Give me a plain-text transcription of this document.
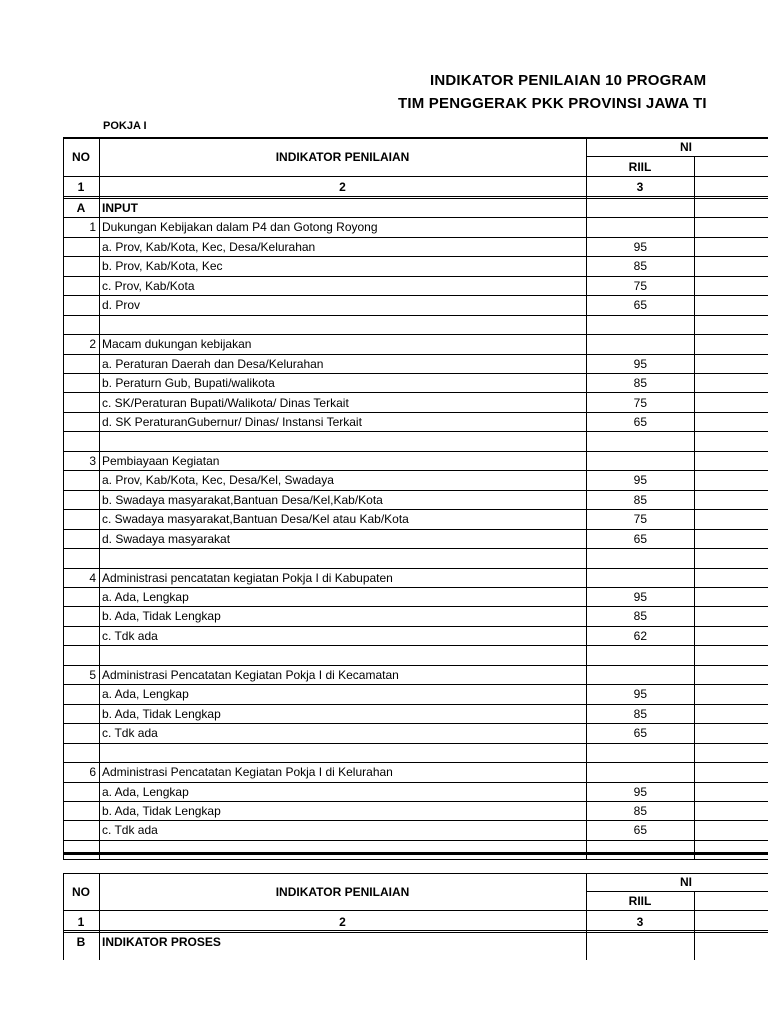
INDIKATOR PENILAIAN 10 PROGRAM
TIM PENGGERAK PKK PROVINSI JAWA TI
POKJA I
NO	INDIKATOR PENILAIAN
NI
RIIL
1	2	3
A	INPUT
1 Dukungan Kebijakan dalam P4 dan Gotong Royong
a. Prov, Kab/Kota, Kec, Desa/Kelurahan	95
b. Prov, Kab/Kota, Kec	85
c. Prov, Kab/Kota	75
d. Prov	65
2 Macam dukungan kebijakan
a. Peraturan Daerah dan Desa/Kelurahan	95
b. Peraturn Gub, Bupati/walikota	85
c. SK/Peraturan Bupati/Walikota/ Dinas Terkait	75
d. SK PeraturanGubernur/ Dinas/ Instansi Terkait	65
3 Pembiayaan Kegiatan
a. Prov, Kab/Kota, Kec, Desa/Kel, Swadaya	95
b. Swadaya masyarakat,Bantuan Desa/Kel,Kab/Kota	85
c. Swadaya masyarakat,Bantuan Desa/Kel atau Kab/Kota	75
d. Swadaya masyarakat	65
4 Administrasi pencatatan kegiatan Pokja I di Kabupaten
a. Ada, Lengkap	95
b. Ada, Tidak Lengkap	85
c. Tdk ada	62
5 Administrasi Pencatatan Kegiatan Pokja I di Kecamatan
a. Ada, Lengkap	95
b. Ada, Tidak Lengkap	85
c. Tdk ada	65
6 Administrasi Pencatatan Kegiatan Pokja I di Kelurahan
a. Ada, Lengkap	95
b. Ada, Tidak Lengkap	85
c. Tdk ada	65
NO	INDIKATOR PENILAIAN
NI
RIIL
1	2	3
B	INDIKATOR PROSES
